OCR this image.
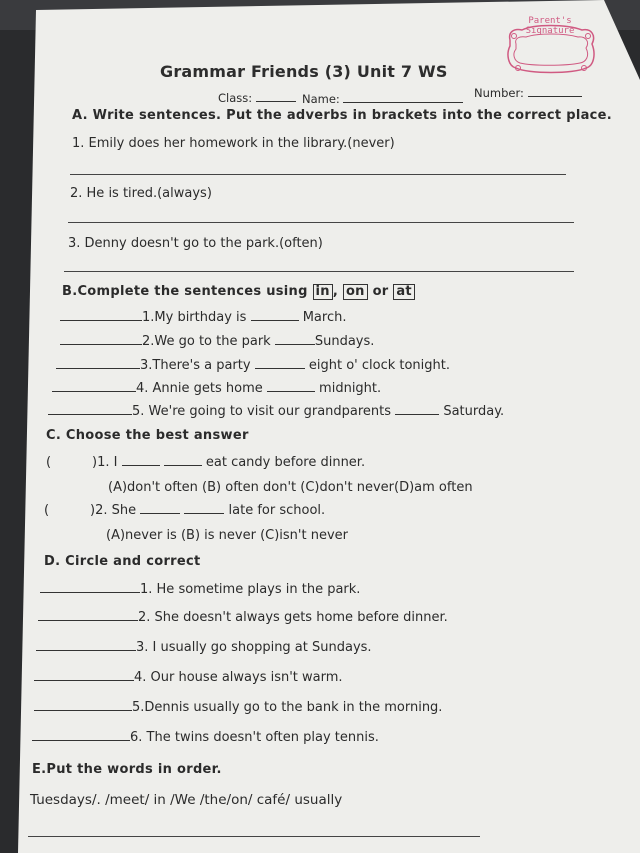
Parent's
Signature
Grammar Friends (3) Unit 7 WS
Class:	Name:	Number:
A. Write sentences. Put the adverbs in brackets into the correct place.
1. Emily does her homework in the library.(never)
2. He is tired.(always)
3. Denny doesn't go to the park.(often)
B.Complete the sentences using in , on or at
1.My birthday is	March.
2.We go to the park	Sundays.
3.There's a party	eight o' clock tonight.
4. Annie gets home	midnight.
5. We're going to visit our grandparents	Saturday.
C. Choose the best answer
(	)1. I	eat candy before dinner.
(A)don't often (B) often don't (C)don't never(D)am often
(	)2. She	late for school.
(A)never is (B) is never (C)isn't never
D. Circle and correct
1. He sometime plays in the park.
2. She doesn't always gets home before dinner.
3. I usually go shopping at Sundays.
4. Our house always isn't warm.
5.Dennis usually go to the bank in the morning.
6. The twins doesn't often play tennis.
E.Put the words in order.
Tuesdays/. /meet/ in /We /the/on/ café/ usually
